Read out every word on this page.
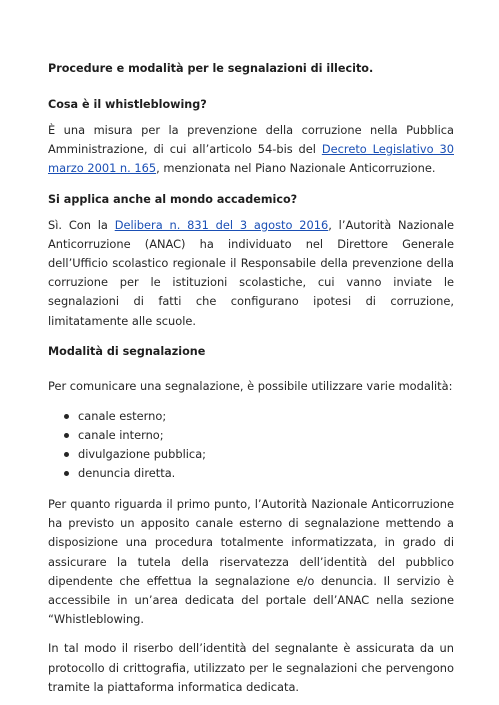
Procedure e modalità per le segnalazioni di illecito.

Cosa è il whistleblowing?

È una misura per la prevenzione della corruzione nella Pubblica Amministrazione, di cui all’articolo 54-bis del Decreto Legislativo 30 marzo 2001 n. 165, menzionata nel Piano Nazionale Anticorruzione.

Si applica anche al mondo accademico?

Sì. Con la Delibera n. 831 del 3 agosto 2016, l’Autorità Nazionale Anticorruzione (ANAC) ha individuato nel Direttore Generale dell’Ufficio scolastico regionale il Responsabile della prevenzione della corruzione per le istituzioni scolastiche, cui vanno inviate le segnalazioni di fatti che configurano ipotesi di corruzione, limitatamente alle scuole.

Modalità di segnalazione

Per comunicare una segnalazione, è possibile utilizzare varie modalità:

canale esterno;
canale interno;
divulgazione pubblica;
denuncia diretta.

Per quanto riguarda il primo punto, l’Autorità Nazionale Anticorruzione ha previsto un apposito canale esterno di segnalazione mettendo a disposizione una procedura totalmente informatizzata, in grado di assicurare la tutela della riservatezza dell’identità del pubblico dipendente che effettua la segnalazione e/o denuncia. Il servizio è accessibile in un’area dedicata del portale dell’ANAC nella sezione “Whistleblowing.

In tal modo il riserbo dell’identità del segnalante è assicurata da un protocollo di crittografia, utilizzato per le segnalazioni che pervengono tramite la piattaforma informatica dedicata.
